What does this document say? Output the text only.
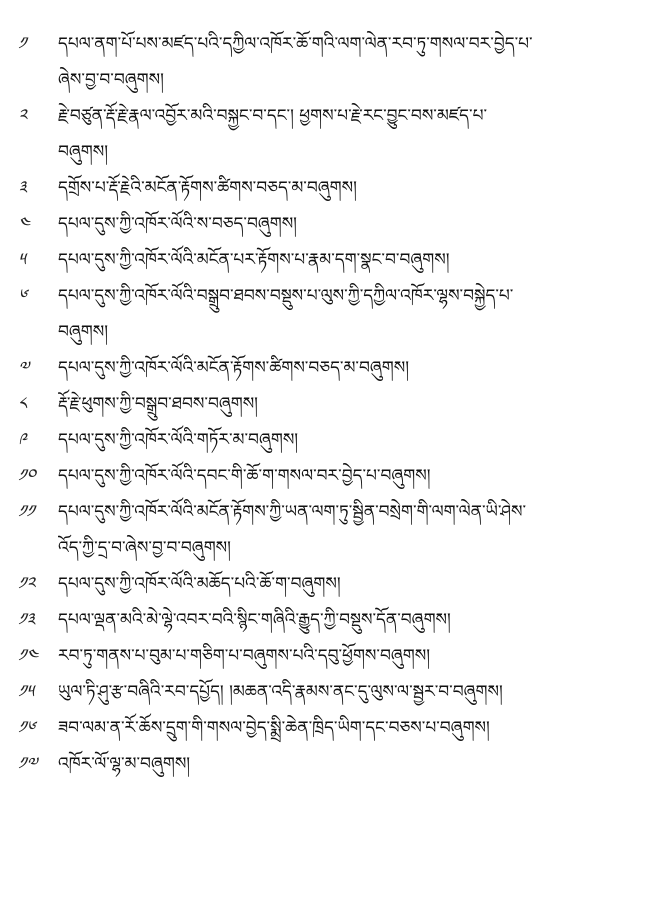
༡	དཔལ་ནག་པོ་པས་མཛད་པའི་དཀྱིལ་འཁོར་ཆོ་གའི་ལག་ལེན་རབ་ཏུ་གསལ་བར་བྱེད་པ་
ཞེས་བྱ་བ་བཞུགས།
༢	རྗེ་བཙུན་རྡོ་རྗེ་རྣལ་འབྱོར་མའི་བསྐྱང་བ་དང་། ཕྱགས་པ་རྗེ་རང་བྱུང་བས་མཛད་པ་
བཞུགས།
༣	དགྲོས་པ་རྡོ་རྗེའི་མངོན་རྟོགས་ཚིགས་བཅད་མ་བཞུགས།
༤	དཔལ་དུས་ཀྱི་འཁོར་ལོའི་ས་བཅད་བཞུགས།
༥	དཔལ་དུས་ཀྱི་འཁོར་ལོའི་མངོན་པར་རྟོགས་པ་རྣམ་དག་སྣང་བ་བཞུགས།
༦	དཔལ་དུས་ཀྱི་འཁོར་ལོའི་བསྒྲུབ་ཐབས་བསྡུས་པ་ལུས་ཀྱི་དཀྱིལ་འཁོར་ལྷས་བསྐྱེད་པ་
བཞུགས།
༧	དཔལ་དུས་ཀྱི་འཁོར་ལོའི་མངོན་རྟོགས་ཚིགས་བཅད་མ་བཞུགས།
༨	རྡོ་རྗེ་ཕུགས་ཀྱི་བསྒྲུབ་ཐབས་བཞུགས།
༩	དཔལ་དུས་ཀྱི་འཁོར་ལོའི་གཏོར་མ་བཞུགས།
༡༠	དཔལ་དུས་ཀྱི་འཁོར་ལོའི་དབང་གི་ཆོ་ག་གསལ་བར་བྱེད་པ་བཞུགས།
༡༡	དཔལ་དུས་ཀྱི་འཁོར་ལོའི་མངོན་རྟོགས་ཀྱི་ཡན་ལག་ཏུ་སྦྱིན་བསྲེག་གི་ལག་ལེན་ཡི་ཤེས་
འོད་ཀྱི་དྲ་བ་ཞེས་བྱ་བ་བཞུགས།
༡༢	དཔལ་དུས་ཀྱི་འཁོར་ལོའི་མཆོད་པའི་ཆོ་ག་བཞུགས།
༡༣	དཔལ་ལྡན་མའི་མེ་ལྷེ་འབར་བའི་སྙིང་གཞིའི་རྒྱུད་ཀྱི་བསྡུས་དོན་བཞུགས།
༡༤	རབ་ཏུ་གནས་པ་བུམ་པ་གཅིག་པ་བཞུགས་པའི་དབུ་ཕྱོགས་བཞུགས།
༡༥	ཡུལ་ཏི་ཤུ་རྩ་བཞིའི་རབ་དཔྱོད། །མཆན་འདི་རྣམས་ནང་དུ་ལུས་ལ་སྦྱར་བ་བཞུགས།
༡༦	ཟབ་ལམ་ན་རོ་ཆོས་དྲུག་གི་གསལ་བྱེད་སྨྲི་ཆེན་ཁྲིད་ཡིག་དང་བཅས་པ་བཞུགས།
༡༧	འཁོར་ལོ་ལྷ་མ་བཞུགས།
